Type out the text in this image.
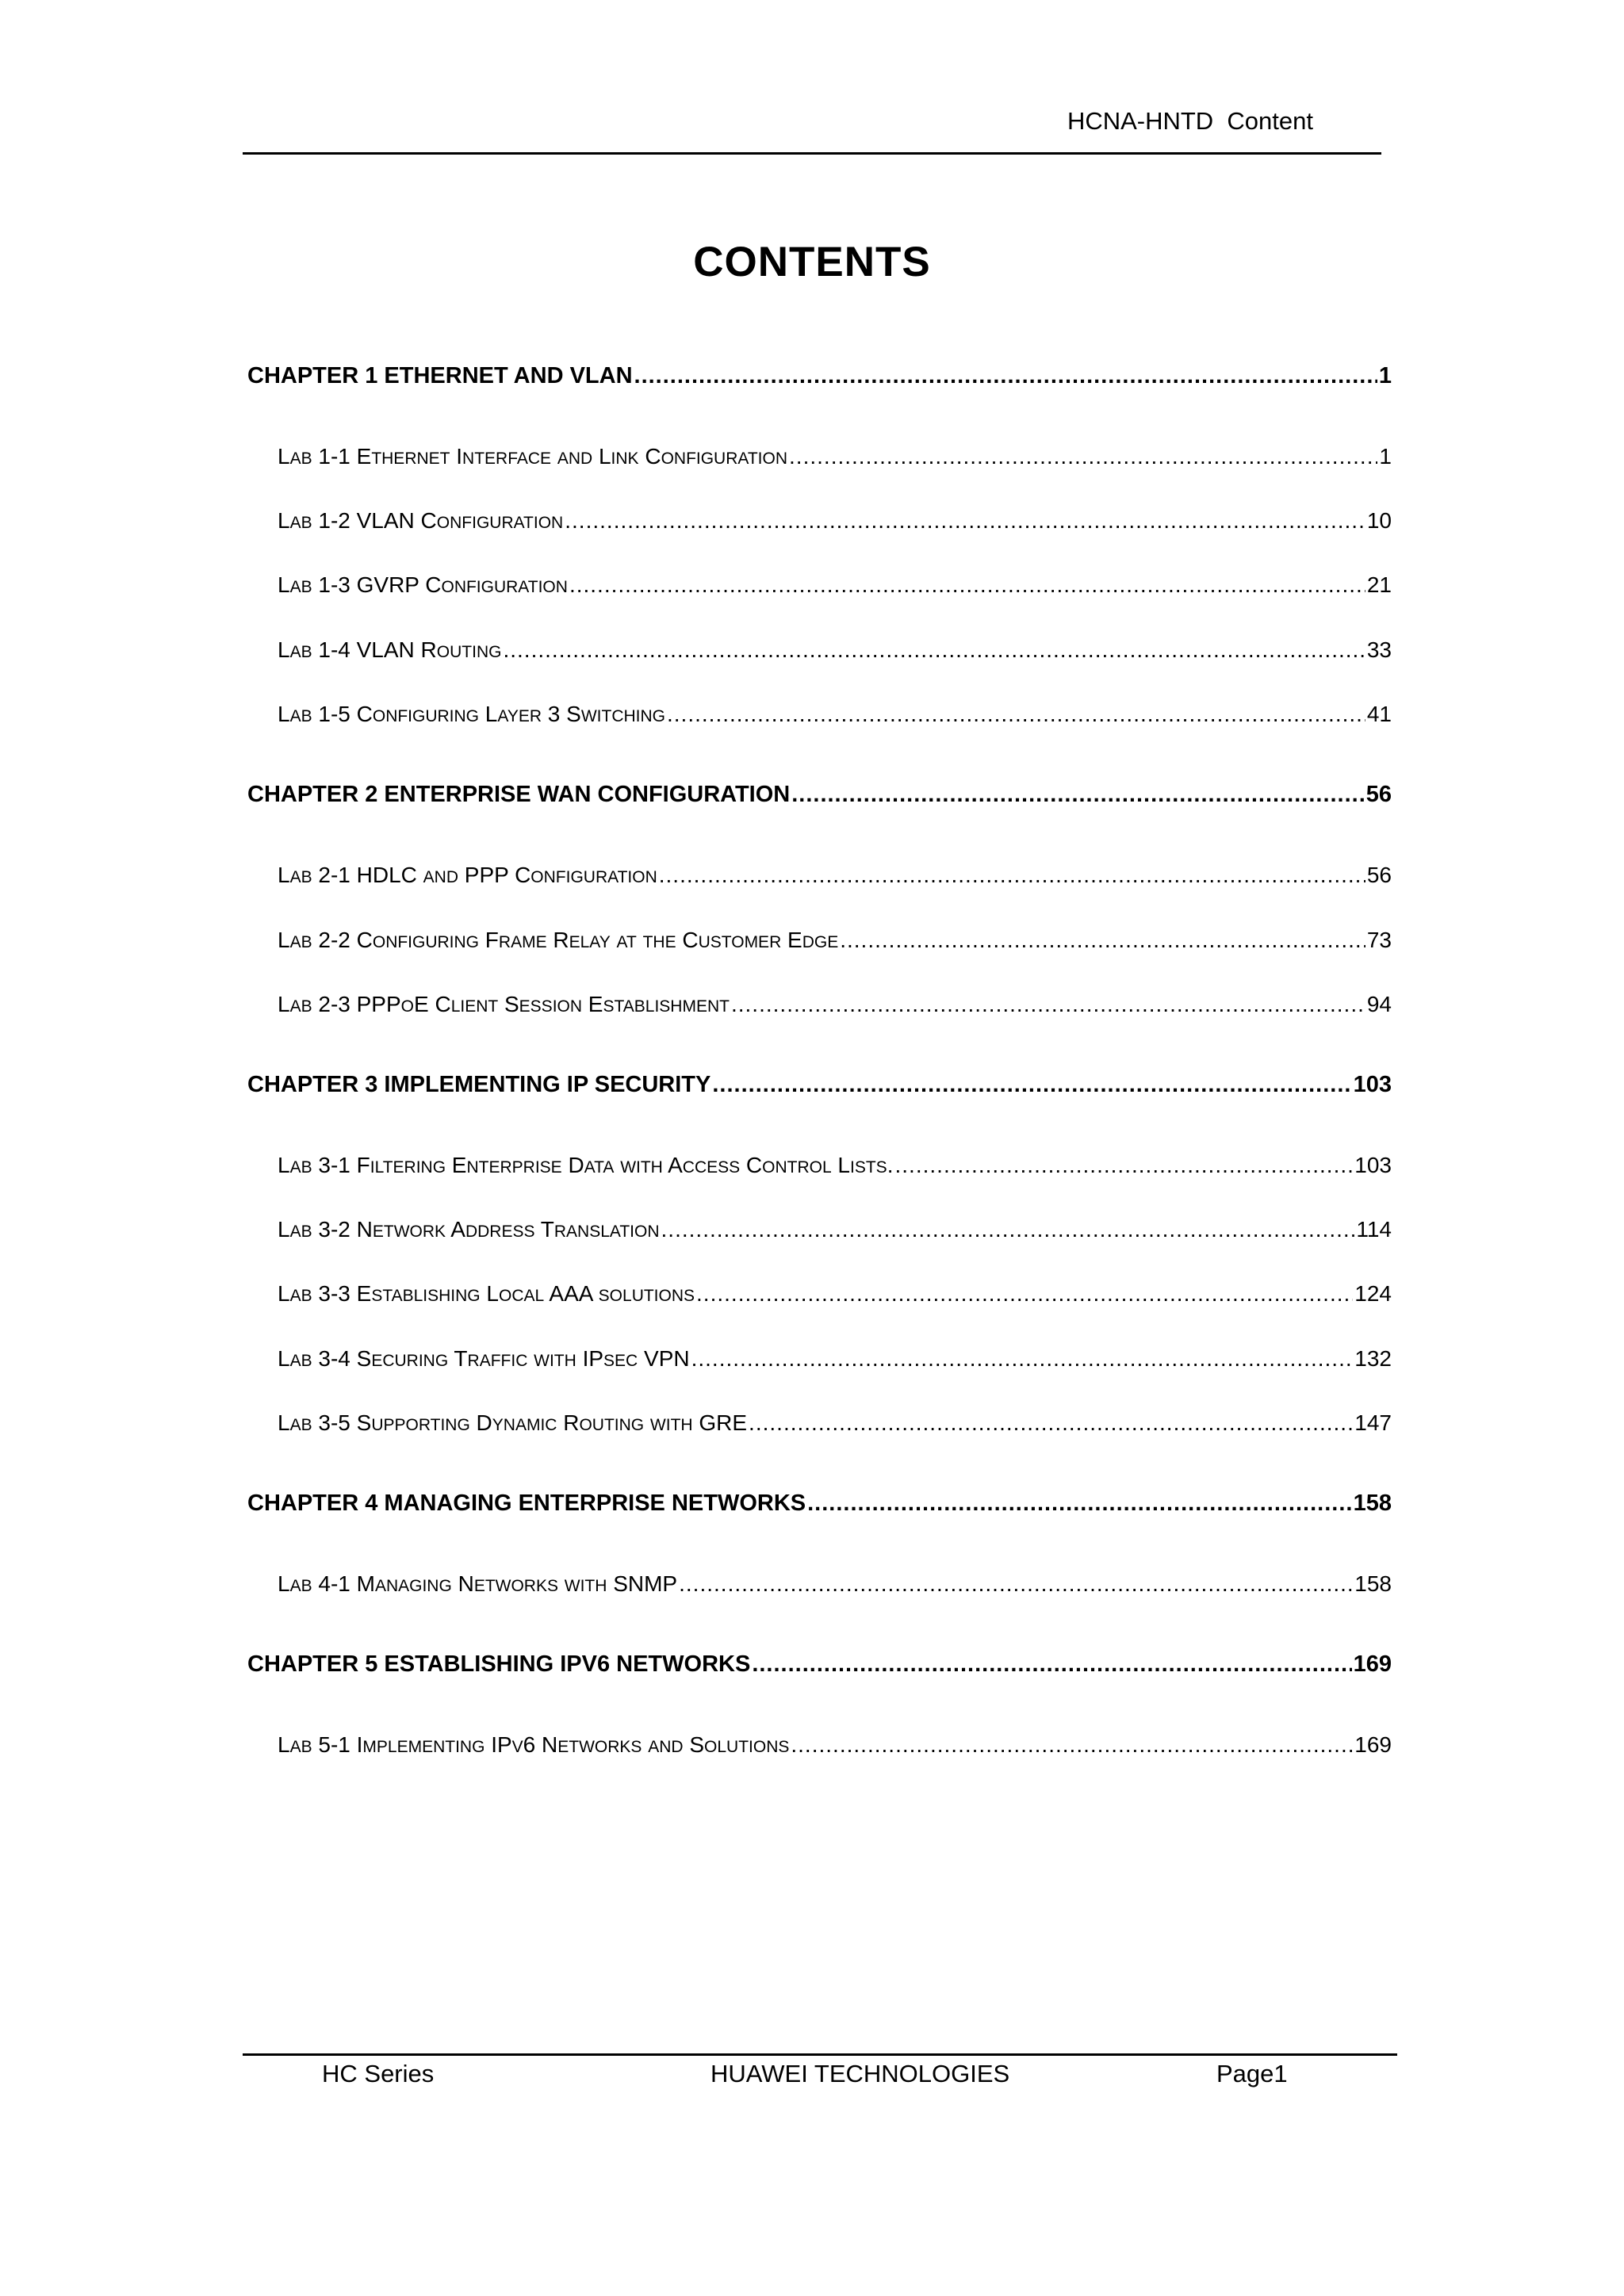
HCNA-HNTD  Content
CONTENTS
CHAPTER 1 ETHERNET AND VLAN .....	1
LAB 1-1 ETHERNET INTERFACE AND LINK CONFIGURATION .....	1
LAB 1-2 VLAN CONFIGURATION .....	10
LAB 1-3 GVRP CONFIGURATION .....	21
LAB 1-4 VLAN ROUTING .....	33
LAB 1-5 CONFIGURING LAYER 3 SWITCHING .....	41
CHAPTER 2 ENTERPRISE WAN CONFIGURATION .....	56
LAB 2-1 HDLC AND PPP CONFIGURATION .....	56
LAB 2-2 CONFIGURING FRAME RELAY AT THE CUSTOMER EDGE .....	73
LAB 2-3 PPPOE CLIENT SESSION ESTABLISHMENT .....	94
CHAPTER 3 IMPLEMENTING IP SECURITY .....	103
LAB 3-1 FILTERING ENTERPRISE DATA WITH ACCESS CONTROL LISTS. .....	103
LAB 3-2 NETWORK ADDRESS TRANSLATION .....	114
LAB 3-3 ESTABLISHING LOCAL AAA SOLUTIONS .....	124
LAB 3-4 SECURING TRAFFIC WITH IPSEC VPN .....	132
LAB 3-5 SUPPORTING DYNAMIC ROUTING WITH GRE .....	147
CHAPTER 4 MANAGING ENTERPRISE NETWORKS .....	158
LAB 4-1 MANAGING NETWORKS WITH SNMP .....	158
CHAPTER 5 ESTABLISHING IPV6 NETWORKS .....	169
LAB 5-1 IMPLEMENTING IPV6 NETWORKS AND SOLUTIONS .....	169
HC Series	HUAWEI TECHNOLOGIES	Page1
